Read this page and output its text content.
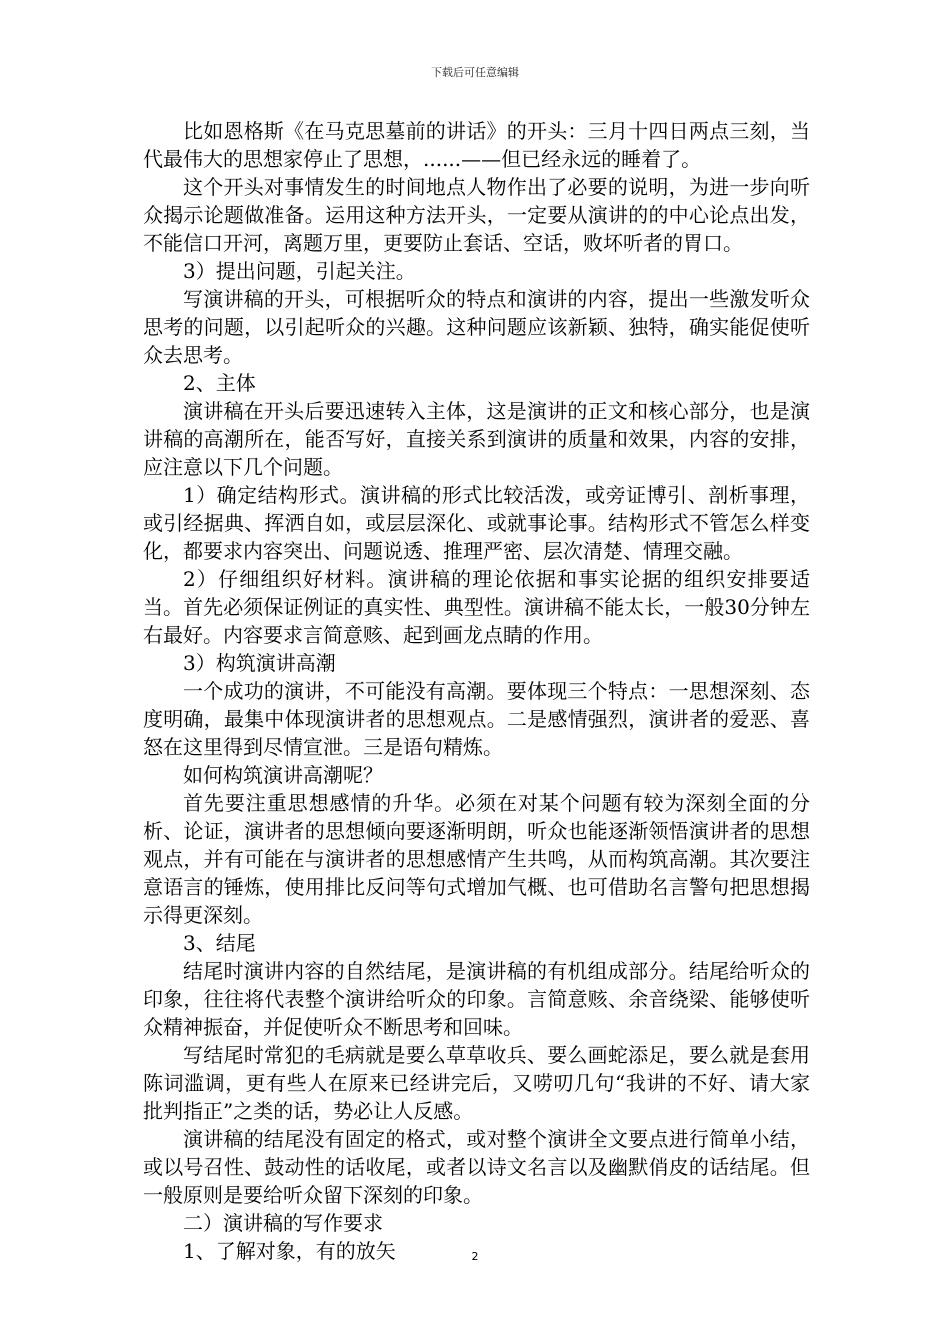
下载后可任意编辑

比如恩格斯《在马克思墓前的讲话》的开头：三月十四日两点三刻，当代最伟大的思想家停止了思想，......——但已经永远的睡着了。

这个开头对事情发生的时间地点人物作出了必要的说明，为进一步向听众揭示论题做准备。运用这种方法开头，一定要从演讲的的中心论点出发，不能信口开河，离题万里，更要防止套话、空话，败坏听者的胃口。

3）提出问题，引起关注。

写演讲稿的开头，可根据听众的特点和演讲的内容，提出一些激发听众思考的问题，以引起听众的兴趣。这种问题应该新颖、独特，确实能促使听众去思考。

2、主体

演讲稿在开头后要迅速转入主体，这是演讲的正文和核心部分，也是演讲稿的高潮所在，能否写好，直接关系到演讲的质量和效果，内容的安排，应注意以下几个问题。

1）确定结构形式。演讲稿的形式比较活泼，或旁证博引、剖析事理，或引经据典、挥洒自如，或层层深化、或就事论事。结构形式不管怎么样变化，都要求内容突出、问题说透、推理严密、层次清楚、情理交融。

2）仔细组织好材料。演讲稿的理论依据和事实论据的组织安排要适当。首先必须保证例证的真实性、典型性。演讲稿不能太长，一般30分钟左右最好。内容要求言简意赅、起到画龙点睛的作用。

3）构筑演讲高潮

一个成功的演讲，不可能没有高潮。要体现三个特点：一思想深刻、态度明确，最集中体现演讲者的思想观点。二是感情强烈，演讲者的爱恶、喜怒在这里得到尽情宣泄。三是语句精炼。

如何构筑演讲高潮呢？

首先要注重思想感情的升华。必须在对某个问题有较为深刻全面的分析、论证，演讲者的思想倾向要逐渐明朗，听众也能逐渐领悟演讲者的思想观点，并有可能在与演讲者的思想感情产生共鸣，从而构筑高潮。其次要注意语言的锤炼，使用排比反问等句式增加气概、也可借助名言警句把思想揭示得更深刻。

3、结尾

结尾时演讲内容的自然结尾，是演讲稿的有机组成部分。结尾给听众的印象，往往将代表整个演讲给听众的印象。言简意赅、余音绕梁、能够使听众精神振奋，并促使听众不断思考和回味。

写结尾时常犯的毛病就是要么草草收兵、要么画蛇添足，要么就是套用陈词滥调，更有些人在原来已经讲完后，又唠叨几句“我讲的不好、请大家批判指正”之类的话，势必让人反感。

演讲稿的结尾没有固定的格式，或对整个演讲全文要点进行简单小结，或以号召性、鼓动性的话收尾，或者以诗文名言以及幽默俏皮的话结尾。但一般原则是要给听众留下深刻的印象。

二）演讲稿的写作要求

1、了解对象，有的放矢	2
